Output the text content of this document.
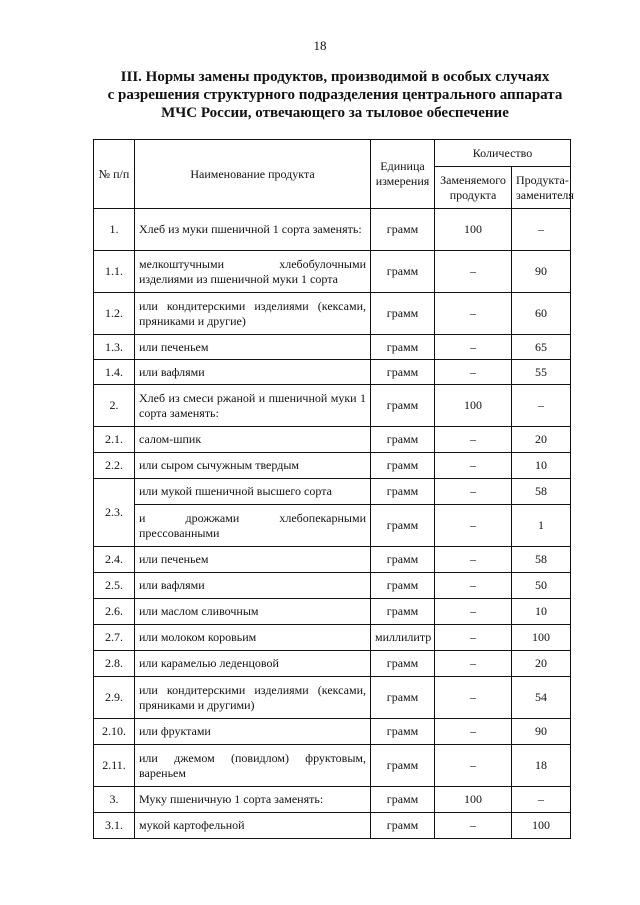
18
III. Нормы замены продуктов, производимой в особых случаях
с разрешения структурного подразделения центрального аппарата
МЧС России, отвечающего за тыловое обеспечение
№ п/п	Наименование продукта	Единица измерения	Количество	
			Заменяемого продукта	Продукта-заменителя
1.	Хлеб из муки пшеничной 1 сорта заменять:	грамм	100	–
1.1.	мелкоштучными хлебобулочными изделиями из пшеничной муки 1 сорта	грамм	–	90
1.2.	или кондитерскими изделиями (кексами, пряниками и другие)	грамм	–	60
1.3.	или печеньем	грамм	–	65
1.4.	или вафлями	грамм	–	55
2.	Хлеб из смеси ржаной и пшеничной муки 1 сорта заменять:	грамм	100	–
2.1.	салом-шпик	грамм	–	20
2.2.	или сыром сычужным твердым	грамм	–	10
2.3.	или мукой пшеничной высшего сорта	грамм	–	58
	и дрожжами хлебопекарными прессованными	грамм	–	1
2.4.	или печеньем	грамм	–	58
2.5.	или вафлями	грамм	–	50
2.6.	или маслом сливочным	грамм	–	10
2.7.	или молоком коровьим	миллилитр	–	100
2.8.	или карамелью леденцовой	грамм	–	20
2.9.	или кондитерскими изделиями (кексами, пряниками и другими)	грамм	–	54
2.10.	или фруктами	грамм	–	90
2.11.	или джемом (повидлом) фруктовым, вареньем	грамм	–	18
3.	Муку пшеничную 1 сорта заменять:	грамм	100	–
3.1.	мукой картофельной	грамм	–	100
